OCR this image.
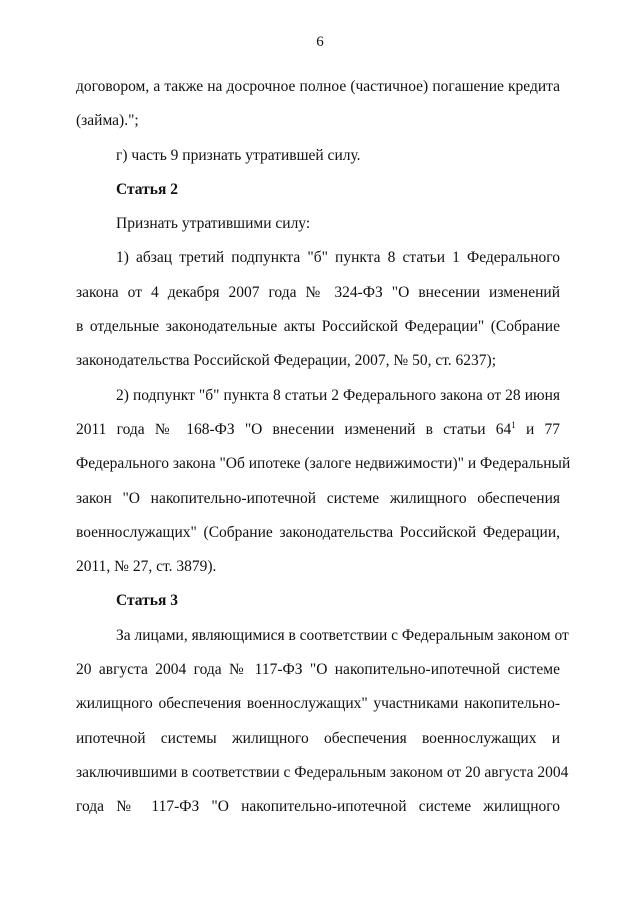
6
договором, а также на досрочное полное (частичное) погашение кредита
(займа).";
г) часть 9 признать утратившей силу.
Статья 2
Признать утратившими силу:
1) абзац третий подпункта "б" пункта 8 статьи 1 Федерального
закона от 4 декабря 2007 года № 324-ФЗ "О внесении изменений
в отдельные законодательные акты Российской Федерации" (Собрание
законодательства Российской Федерации, 2007, № 50, ст. 6237);
2) подпункт "б" пункта 8 статьи 2 Федерального закона от 28 июня
2011 года № 168-ФЗ "О внесении изменений в статьи $64^1$ и 77
Федерального закона "Об ипотеке (залоге недвижимости)" и Федеральный
закон "О накопительно-ипотечной системе жилищного обеспечения
военнослужащих" (Собрание законодательства Российской Федерации,
2011, № 27, ст. 3879).
Статья 3
За лицами, являющимися в соответствии с Федеральным законом от
20 августа 2004 года № 117-ФЗ "О накопительно-ипотечной системе
жилищного обеспечения военнослужащих" участниками накопительно-
ипотечной системы жилищного обеспечения военнослужащих и
заключившими в соответствии с Федеральным законом от 20 августа 2004
года № 117-ФЗ "О накопительно-ипотечной системе жилищного
